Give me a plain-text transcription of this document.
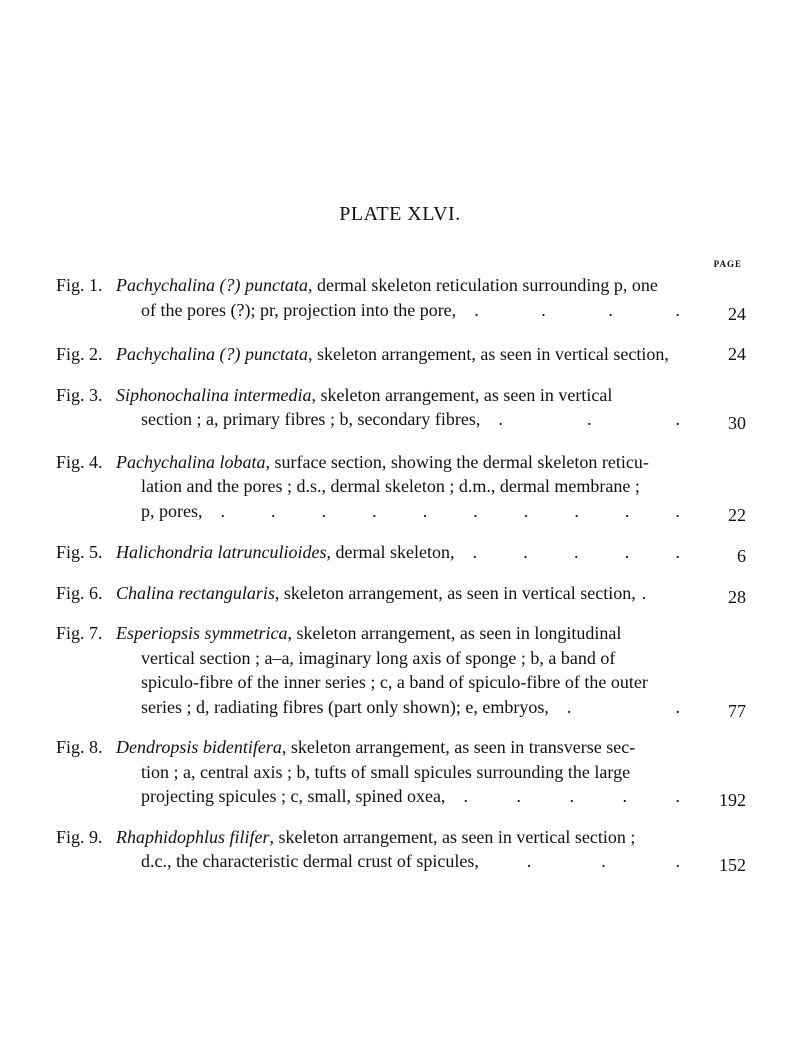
PLATE XLVI.
PAGE
Fig. 1. Pachychalina (?) punctata, dermal skeleton reticulation surrounding p, one
of the pores (?); pr, projection into the pore, .	.	.	.	24
Fig. 2. Pachychalina (?) punctata, skeleton arrangement, as seen in vertical section,	24
Fig. 3. Siphonochalina intermedia, skeleton arrangement, as seen in vertical
section ; a, primary fibres ; b, secondary fibres, .	.	.	30
Fig. 4. Pachychalina lobata, surface section, showing the dermal skeleton reticu-
lation and the pores ; d.s., dermal skeleton ; d.m., dermal membrane ;
p, pores, .	.	.	.	.	.	.	.	.	.	22
Fig. 5. Halichondria latrunculioides, dermal skeleton, .	.	.	.	.	6
Fig. 6. Chalina rectangularis, skeleton arrangement, as seen in vertical section, .	28
Fig. 7. Esperiopsis symmetrica, skeleton arrangement, as seen in longitudinal
vertical section ; a–a, imaginary long axis of sponge ; b, a band of
spiculo-fibre of the inner series ; c, a band of spiculo-fibre of the outer
series ; d, radiating fibres (part only shown); e, embryos, .	.	77
Fig. 8. Dendropsis bidentifera, skeleton arrangement, as seen in transverse sec-
tion ; a, central axis ; b, tufts of small spicules surrounding the large
projecting spicules ; c, small, spined oxea, .	.	.	.	.	192
Fig. 9. Rhaphidophlus filifer, skeleton arrangement, as seen in vertical section ;
d.c., the characteristic dermal crust of spicules,	.	.	.	152
